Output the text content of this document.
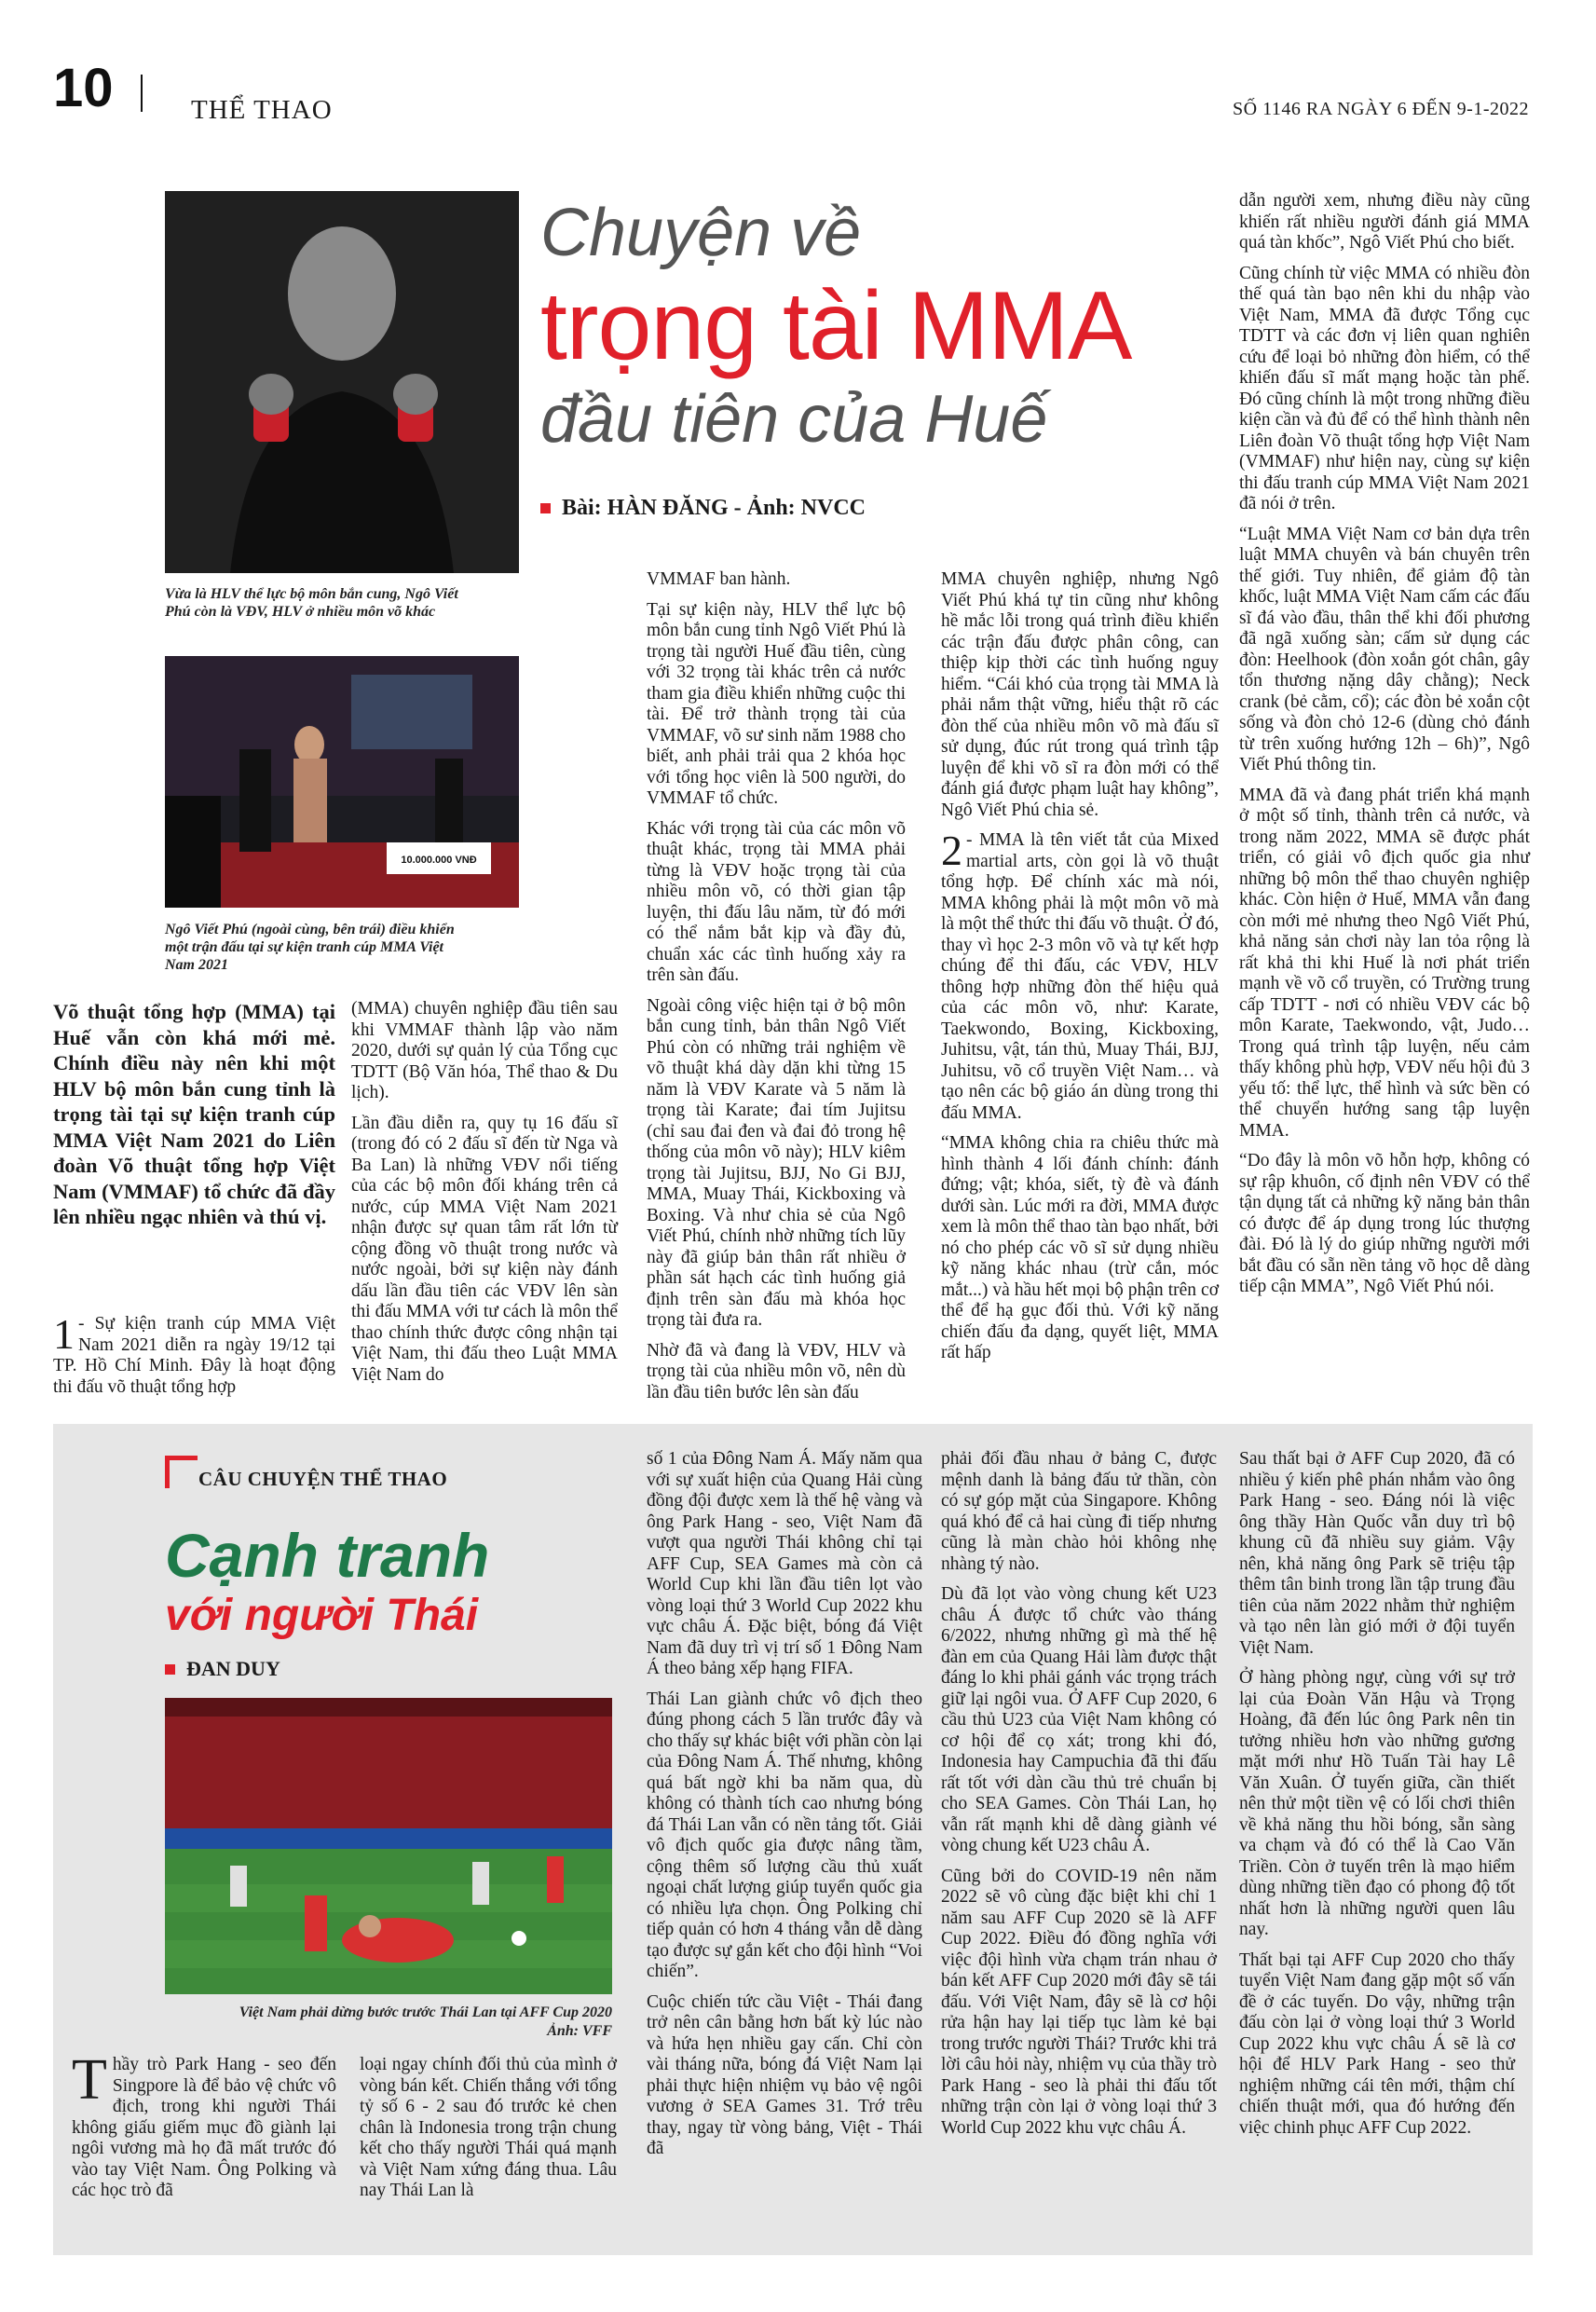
10	THỂ THAO	SỐ 1146 RA NGÀY 6 ĐẾN 9-1-2022
Vừa là HLV thể lực bộ môn bắn cung, Ngô Viết Phú còn là VĐV, HLV ở nhiều môn võ khác
10.000.000 VNĐ
Ngô Viết Phú (ngoài cùng, bên trái) điều khiển một trận đấu tại sự kiện tranh cúp MMA Việt Nam 2021
Chuyện về
trọng tài MMA
đầu tiên của Huế
Bài: HÀN ĐĂNG - Ảnh: NVCC
Võ thuật tổng hợp (MMA) tại Huế vẫn còn khá mới mẻ. Chính điều này nên khi một HLV bộ môn bắn cung tỉnh là trọng tài tại sự kiện tranh cúp MMA Việt Nam 2021 do Liên đoàn Võ thuật tổng hợp Việt Nam (VMMAF) tổ chức đã đầy lên nhiều ngạc nhiên và thú vị.

1 - Sự kiện tranh cúp MMA Việt Nam 2021 diễn ra ngày 19/12 tại TP. Hồ Chí Minh. Đây là hoạt động thi đấu võ thuật tổng hợp

(MMA) chuyên nghiệp đầu tiên sau khi VMMAF thành lập vào năm 2020, dưới sự quản lý của Tổng cục TDTT (Bộ Văn hóa, Thể thao & Du lịch).

Lần đầu diễn ra, quy tụ 16 đấu sĩ (trong đó có 2 đấu sĩ đến từ Nga và Ba Lan) là những VĐV nổi tiếng của các bộ môn đối kháng trên cả nước, cúp MMA Việt Nam 2021 nhận được sự quan tâm rất lớn từ cộng đồng võ thuật trong nước và nước ngoài, bởi sự kiện này đánh dấu lần đầu tiên các VĐV lên sàn thi đấu MMA với tư cách là môn thể thao chính thức được công nhận tại Việt Nam, thi đấu theo Luật MMA Việt Nam do

VMMAF ban hành.

Tại sự kiện này, HLV thể lực bộ môn bắn cung tỉnh Ngô Viết Phú là trọng tài người Huế đầu tiên, cùng với 32 trọng tài khác trên cả nước tham gia điều khiển những cuộc thi tài. Để trở thành trọng tài của VMMAF, võ sư sinh năm 1988 cho biết, anh phải trải qua 2 khóa học với tổng học viên là 500 người, do VMMAF tổ chức.

Khác với trọng tài của các môn võ thuật khác, trọng tài MMA phải từng là VĐV hoặc trọng tài của nhiều môn võ, có thời gian tập luyện, thi đấu lâu năm, từ đó mới có thể nắm bắt kịp và đầy đủ, chuẩn xác các tình huống xảy ra trên sàn đấu.

Ngoài công việc hiện tại ở bộ môn bắn cung tỉnh, bản thân Ngô Viết Phú còn có những trải nghiệm về võ thuật khá dày dặn khi từng 15 năm là VĐV Karate và 5 năm là trọng tài Karate; đai tím Jujitsu (chỉ sau đai đen và đai đỏ trong hệ thống của môn võ này); HLV kiêm trọng tài Jujitsu, BJJ, No Gi BJJ, MMA, Muay Thái, Kickboxing và Boxing. Và như chia sẻ của Ngô Viết Phú, chính nhờ những tích lũy này đã giúp bản thân rất nhiều ở phần sát hạch các tình huống giả định trên sàn đấu mà khóa học trọng tài đưa ra.

Nhờ đã và đang là VĐV, HLV và trọng tài của nhiều môn võ, nên dù lần đầu tiên bước lên sàn đấu

MMA chuyên nghiệp, nhưng Ngô Viết Phú khá tự tin cũng như không hề mắc lỗi trong quá trình điều khiển các trận đấu được phân công, can thiệp kịp thời các tình huống nguy hiểm. “Cái khó của trọng tài MMA là phải nắm thật vững, hiểu thật rõ các đòn thế của nhiều môn võ mà đấu sĩ sử dụng, đúc rút trong quá trình tập luyện để khi võ sĩ ra đòn mới có thể đánh giá được phạm luật hay không”, Ngô Viết Phú chia sẻ.

2 - MMA là tên viết tắt của Mixed martial arts, còn gọi là võ thuật tổng hợp. Để chính xác mà nói, MMA không phải là một môn võ mà là một thể thức thi đấu võ thuật. Ở đó, thay vì học 2-3 môn võ và tự kết hợp chúng để thi đấu, các VĐV, HLV thông hợp những đòn thế hiệu quả của các môn võ, như: Karate, Taekwondo, Boxing, Kickboxing, Juhitsu, vật, tán thủ, Muay Thái, BJJ, Juhitsu, võ cổ truyền Việt Nam… và tạo nên các bộ giáo án dùng trong thi đấu MMA.

“MMA không chia ra chiêu thức mà hình thành 4 lối đánh chính: đánh đứng; vật; khóa, siết, tỳ đè và đánh dưới sàn. Lúc mới ra đời, MMA được xem là môn thể thao tàn bạo nhất, bởi nó cho phép các võ sĩ sử dụng nhiều kỹ năng khác nhau (trừ cắn, móc mắt...) và hầu hết mọi bộ phận trên cơ thể để hạ gục đối thủ. Với kỹ năng chiến đấu đa dạng, quyết liệt, MMA rất hấp

dẫn người xem, nhưng điều này cũng khiến rất nhiều người đánh giá MMA quá tàn khốc”, Ngô Viết Phú cho biết.

Cũng chính từ việc MMA có nhiều đòn thế quá tàn bạo nên khi du nhập vào Việt Nam, MMA đã được Tổng cục TDTT và các đơn vị liên quan nghiên cứu để loại bỏ những đòn hiểm, có thể khiến đấu sĩ mất mạng hoặc tàn phế. Đó cũng chính là một trong những điều kiện cần và đủ để có thể hình thành nên Liên đoàn Võ thuật tổng hợp Việt Nam (VMMAF) như hiện nay, cùng sự kiện thi đấu tranh cúp MMA Việt Nam 2021 đã nói ở trên.

“Luật MMA Việt Nam cơ bản dựa trên luật MMA chuyên và bán chuyên trên thế giới. Tuy nhiên, để giảm độ tàn khốc, luật MMA Việt Nam cấm các đấu sĩ đá vào đầu, thân thể khi đối phương đã ngã xuống sàn; cấm sử dụng các đòn: Heelhook (đòn xoắn gót chân, gây tổn thương nặng dây chằng); Neck crank (bẻ cằm, cổ); các đòn bẻ xoắn cột sống và đòn chỏ 12-6 (dùng chỏ đánh từ trên xuống hướng 12h – 6h)”, Ngô Viết Phú thông tin.

MMA đã và đang phát triển khá mạnh ở một số tỉnh, thành trên cả nước, và trong năm 2022, MMA sẽ được phát triển, có giải vô địch quốc gia như những bộ môn thể thao chuyên nghiệp khác. Còn hiện ở Huế, MMA vẫn đang còn mới mẻ nhưng theo Ngô Viết Phú, khả năng sản chơi này lan tỏa rộng là rất khả thi khi Huế là nơi phát triển mạnh về võ cổ truyền, có Trường trung cấp TDTT - nơi có nhiều VĐV các bộ môn Karate, Taekwondo, vật, Judo… Trong quá trình tập luyện, nếu cảm thấy không phù hợp, VĐV nếu hội đủ 3 yếu tố: thể lực, thể hình và sức bền có thể chuyển hướng sang tập luyện MMA.

“Do đây là môn võ hỗn hợp, không có sự rập khuôn, cố định nên VĐV có thể tận dụng tất cả những kỹ năng bản thân có được để áp dụng trong lúc thượng đài. Đó là lý do giúp những người mới bắt đầu có sẵn nền tảng võ học dễ dàng tiếp cận MMA”, Ngô Viết Phú nói.

CÂU CHUYỆN THỂ THAO
Cạnh tranh
với người Thái
ĐAN DUY
Việt Nam phải dừng bước trước Thái Lan tại AFF Cup 2020
Ảnh: VFF

Thầy trò Park Hang - seo đến Singpore là để bảo vệ chức vô địch, trong khi người Thái không giấu giếm mục đồ giành lại ngôi vương mà họ đã mất trước đó vào tay Việt Nam. Ông Polking và các học trò đã

loại ngay chính đối thủ của mình ở vòng bán kết. Chiến thắng với tổng tỷ số 6 - 2 sau đó trước kẻ chen chân là Indonesia trong trận chung kết cho thấy người Thái quá mạnh và Việt Nam xứng đáng thua. Lâu nay Thái Lan là

số 1 của Đông Nam Á. Mấy năm qua với sự xuất hiện của Quang Hải cùng đồng đội được xem là thế hệ vàng và ông Park Hang - seo, Việt Nam đã vượt qua người Thái không chỉ tại AFF Cup, SEA Games mà còn cả World Cup khi lần đầu tiên lọt vào vòng loại thứ 3 World Cup 2022 khu vực châu Á. Đặc biệt, bóng đá Việt Nam đã duy trì vị trí số 1 Đông Nam Á theo bảng xếp hạng FIFA.

Thái Lan giành chức vô địch theo đúng phong cách 5 lần trước đây và cho thấy sự khác biệt với phần còn lại của Đông Nam Á. Thế nhưng, không quá bất ngờ khi ba năm qua, dù không có thành tích cao nhưng bóng đá Thái Lan vẫn có nền tảng tốt. Giải vô địch quốc gia được nâng tầm, cộng thêm số lượng cầu thủ xuất ngoại chất lượng giúp tuyển quốc gia có nhiều lựa chọn. Ông Polking chỉ tiếp quản có hơn 4 tháng vẫn dễ dàng tạo được sự gắn kết cho đội hình “Voi chiến”.

Cuộc chiến tức cầu Việt - Thái đang trở nên cân bằng hơn bất kỳ lúc nào và hứa hẹn nhiều gay cấn. Chỉ còn vài tháng nữa, bóng đá Việt Nam lại phải thực hiện nhiệm vụ bảo vệ ngôi vương ở SEA Games 31. Trớ trêu thay, ngay từ vòng bảng, Việt - Thái đã

phải đối đầu nhau ở bảng C, được mệnh danh là bảng đấu tử thần, còn có sự góp mặt của Singapore. Không quá khó để cả hai cùng đi tiếp nhưng cũng là màn chào hỏi không nhẹ nhàng tý nào.

Dù đã lọt vào vòng chung kết U23 châu Á được tổ chức vào tháng 6/2022, nhưng những gì mà thế hệ đàn em của Quang Hải làm được thật đáng lo khi phải gánh vác trọng trách giữ lại ngôi vua. Ở AFF Cup 2020, 6 cầu thủ U23 của Việt Nam không có cơ hội để cọ xát; trong khi đó, Indonesia hay Campuchia đã thi đấu rất tốt với dàn cầu thủ trẻ chuẩn bị cho SEA Games. Còn Thái Lan, họ vẫn rất mạnh khi dễ dàng giành vé vòng chung kết U23 châu Á.

Cũng bởi do COVID-19 nên năm 2022 sẽ vô cùng đặc biệt khi chỉ 1 năm sau AFF Cup 2020 sẽ là AFF Cup 2022. Điều đó đồng nghĩa với việc đội hình vừa chạm trán nhau ở bán kết AFF Cup 2020 mới đây sẽ tái đấu. Với Việt Nam, đây sẽ là cơ hội rửa hận hay lại tiếp tục làm kẻ bại trong trước người Thái? Trước khi trả lời câu hỏi này, nhiệm vụ của thầy trò Park Hang - seo là phải thi đấu tốt những trận còn lại ở vòng loại thứ 3 World Cup 2022 khu vực châu Á.

Sau thất bại ở AFF Cup 2020, đã có nhiều ý kiến phê phán nhắm vào ông Park Hang - seo. Đáng nói là việc ông thầy Hàn Quốc vẫn duy trì bộ khung cũ đã nhiều suy giảm. Vậy nên, khả năng ông Park sẽ triệu tập thêm tân binh trong lần tập trung đầu tiên của năm 2022 nhằm thử nghiệm và tạo nên làn gió mới ở đội tuyển Việt Nam.

Ở hàng phòng ngự, cùng với sự trở lại của Đoàn Văn Hậu và Trọng Hoàng, đã đến lúc ông Park nên tin tưởng nhiều hơn vào những gương mặt mới như Hồ Tuấn Tài hay Lê Văn Xuân. Ở tuyến giữa, cần thiết nên thử một tiền vệ có lối chơi thiên về khả năng thu hồi bóng, sẵn sàng va chạm và đó có thể là Cao Văn Triền. Còn ở tuyến trên là mạo hiểm dùng những tiền đạo có phong độ tốt nhất hơn là những người quen lâu nay.

Thất bại tại AFF Cup 2020 cho thấy tuyển Việt Nam đang gặp một số vấn đề ở các tuyến. Do vậy, những trận đấu còn lại ở vòng loại thứ 3 World Cup 2022 khu vực châu Á sẽ là cơ hội để HLV Park Hang - seo thử nghiệm những cái tên mới, thậm chí chiến thuật mới, qua đó hướng đến việc chinh phục AFF Cup 2022.
